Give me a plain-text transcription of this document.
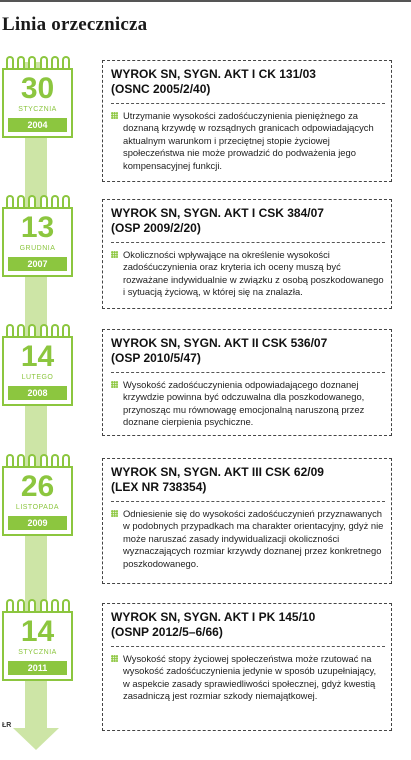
Linia orzecznicza
30
STYCZNIA
2004
WYROK SN, SYGN. AKT I CK 131/03
(OSNC 2005/2/40)
Utrzymanie wysokości zadośćuczynienia pieniężnego za doznaną krzywdę w rozsądnych granicach odpowiadających aktualnym warunkom i przeciętnej stopie życiowej społeczeństwa nie może prowadzić do podważenia jego kompensacyjnej funkcji.
13
GRUDNIA
2007
WYROK SN, SYGN. AKT I CSK 384/07
(OSP 2009/2/20)
Okoliczności wpływające na określenie wysokości zadośćuczynienia oraz kryteria ich oceny muszą być rozważane indywidualnie w związku z osobą poszkodowanego i sytuacją życiową, w której się na znalazła.
14
LUTEGO
2008
WYROK SN, SYGN. AKT II CSK 536/07
(OSP 2010/5/47)
Wysokość zadośćuczynienia odpowiadającego doznanej krzywdzie powinna być odczuwalna dla poszkodowanego, przynosząc mu równowagę emocjonalną naruszoną przez doznane cierpienia psychiczne.
26
LISTOPADA
2009
WYROK SN, SYGN. AKT III CSK 62/09
(LEX NR 738354)
Odniesienie się do wysokości zadośćuczynień przyznawanych w podobnych przypadkach ma charakter orientacyjny, gdyż nie może naruszać zasady indywidualizacji okoliczności wyznaczających rozmiar krzywdy doznanej przez konkretnego poszkodowanego.
14
STYCZNIA
2011
WYROK SN, SYGN. AKT I PK 145/10
(OSNP 2012/5–6/66)
Wysokość stopy życiowej społeczeństwa może rzutować na wysokość zadośćuczynienia jedynie w sposób uzupełniający, w aspekcie zasady sprawiedliwości społecznej, gdyż kwestią zasadniczą jest rozmiar szkody niemajątkowej.
ŁR
